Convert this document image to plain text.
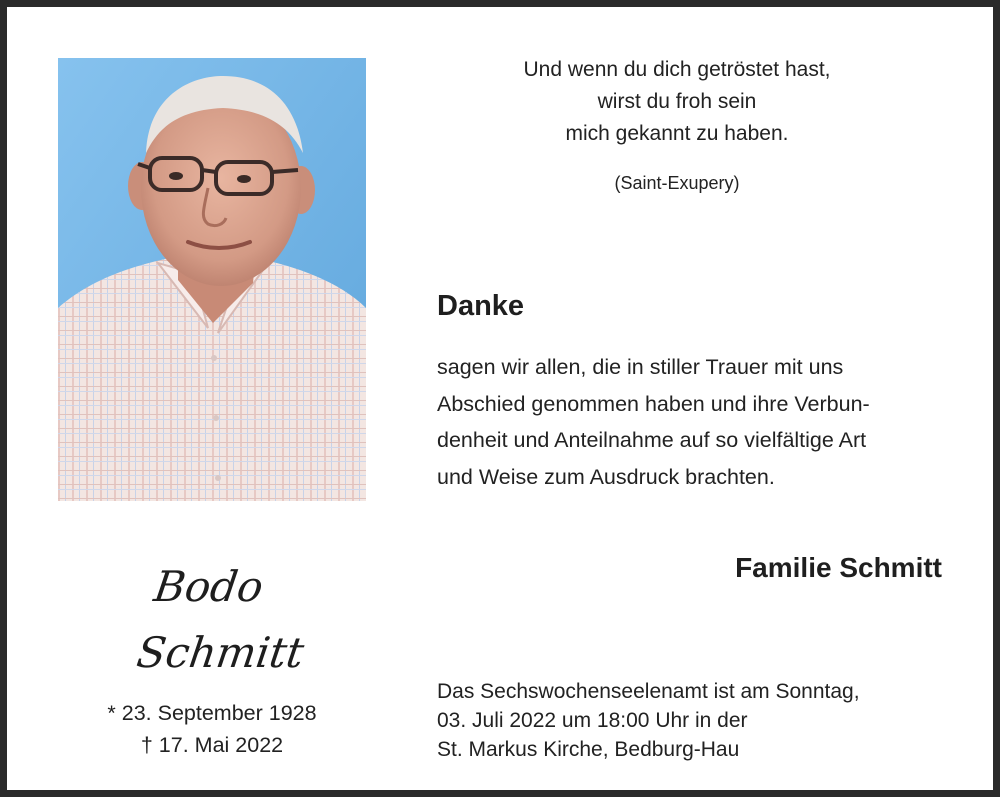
Und wenn du dich getröstet hast,
wirst du froh sein
mich gekannt zu haben.
(Saint-Exupery)
Danke
sagen wir allen, die in stiller Trauer mit uns
Abschied genommen haben und ihre Verbun-
denheit und Anteilnahme auf so vielfältige Art
und Weise zum Ausdruck brachten.
Familie Schmitt
Bodo
Schmitt
* 23. September 1928
† 17. Mai 2022
Das Sechswochenseelenamt ist am Sonntag,
03. Juli 2022 um 18:00 Uhr in der
St. Markus Kirche, Bedburg-Hau
